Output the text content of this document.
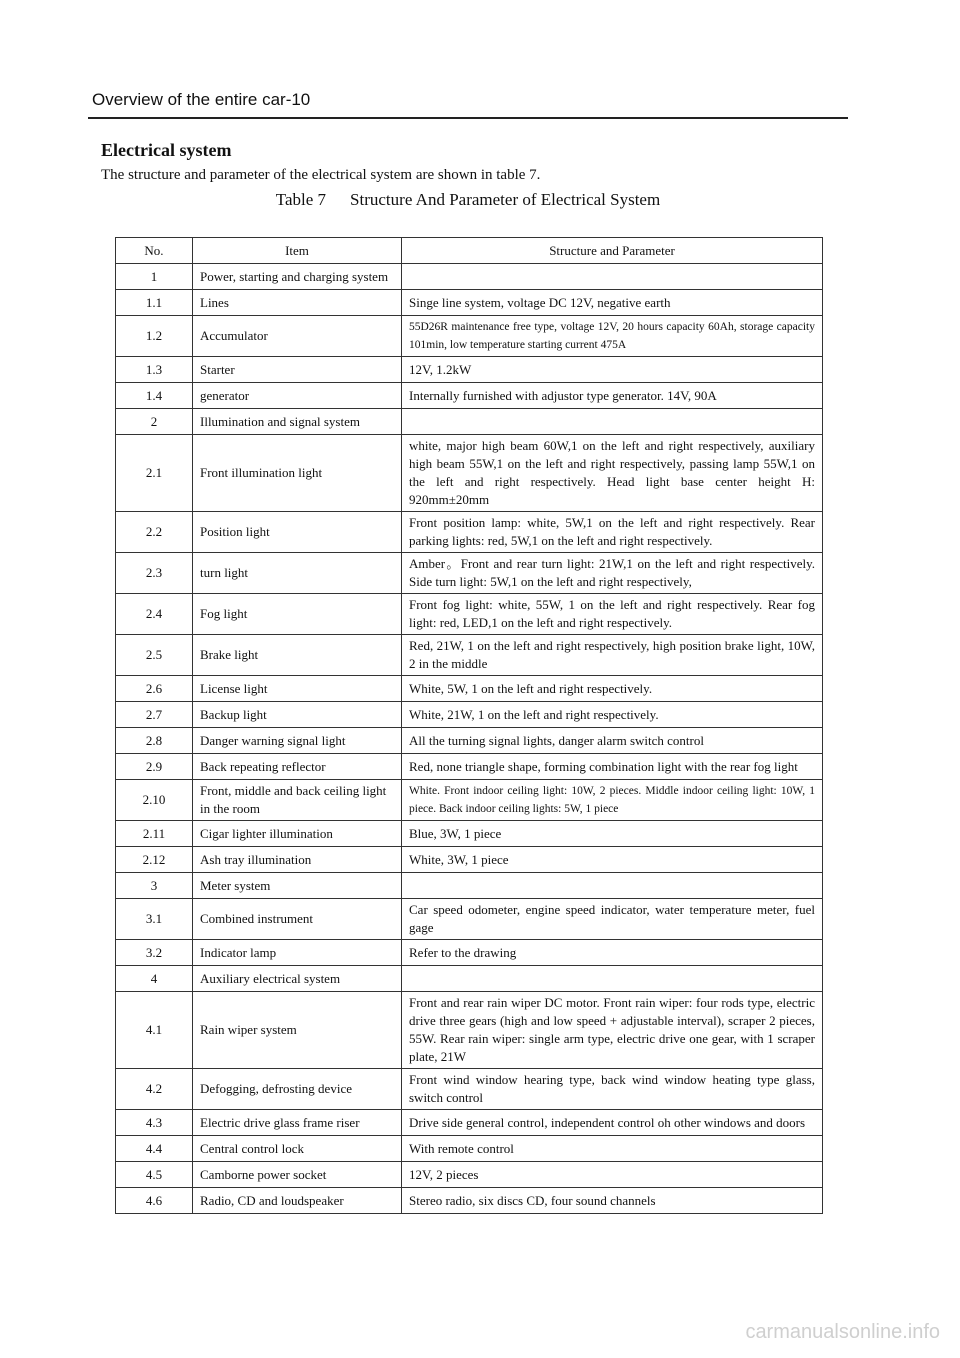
Overview of the entire car-10
Electrical system
The structure and parameter of the electrical system are shown in table 7.
Table 7 Structure And Parameter of Electrical System
No.	Item	Structure and Parameter
1	Power, starting and charging system	
1.1	Lines	Singe line system, voltage DC 12V, negative earth
1.2	Accumulator	55D26R maintenance free type, voltage 12V, 20 hours capacity 60Ah, storage capacity 101min, low temperature starting current 475A
1.3	Starter	12V, 1.2kW
1.4	generator	Internally furnished with adjustor type generator. 14V, 90A
2	Illumination and signal system	
2.1	Front illumination light	white, major high beam 60W,1 on the left and right respectively, auxiliary high beam 55W,1 on the left and right respectively, passing lamp 55W,1 on the left and right respectively. Head light base center height H: 920mm±20mm
2.2	Position light	Front position lamp: white, 5W,1 on the left and right respectively. Rear parking lights: red, 5W,1 on the left and right respectively.
2.3	turn light	Amber。Front and rear turn light: 21W,1 on the left and right respectively. Side turn light: 5W,1 on the left and right respectively,
2.4	Fog light	Front fog light: white, 55W, 1 on the left and right respectively. Rear fog light: red, LED,1 on the left and right respectively.
2.5	Brake light	Red, 21W, 1 on the left and right respectively, high position brake light, 10W, 2 in the middle
2.6	License light	White, 5W, 1 on the left and right respectively.
2.7	Backup light	White, 21W, 1 on the left and right respectively.
2.8	Danger warning signal light	All the turning signal lights, danger alarm switch control
2.9	Back repeating reflector	Red, none triangle shape, forming combination light with the rear fog light
2.10	Front, middle and back ceiling light in the room	White. Front indoor ceiling light: 10W, 2 pieces. Middle indoor ceiling light: 10W, 1 piece. Back indoor ceiling lights: 5W, 1 piece
2.11	Cigar lighter illumination	Blue, 3W, 1 piece
2.12	Ash tray illumination	White, 3W, 1 piece
3	Meter system	
3.1	Combined instrument	Car speed odometer, engine speed indicator, water temperature meter, fuel gage
3.2	Indicator lamp	Refer to the drawing
4	Auxiliary electrical system	
4.1	Rain wiper system	Front and rear rain wiper DC motor. Front rain wiper: four rods type, electric drive three gears (high and low speed + adjustable interval), scraper 2 pieces, 55W. Rear rain wiper: single arm type, electric drive one gear, with 1 scraper plate, 21W
4.2	Defogging, defrosting device	Front wind window hearing type, back wind window heating type glass, switch control
4.3	Electric drive glass frame riser	Drive side general control, independent control oh other windows and doors
4.4	Central control lock	With remote control
4.5	Camborne power socket	12V, 2 pieces
4.6	Radio, CD and loudspeaker	Stereo radio, six discs CD, four sound channels
carmanualsonline.info
